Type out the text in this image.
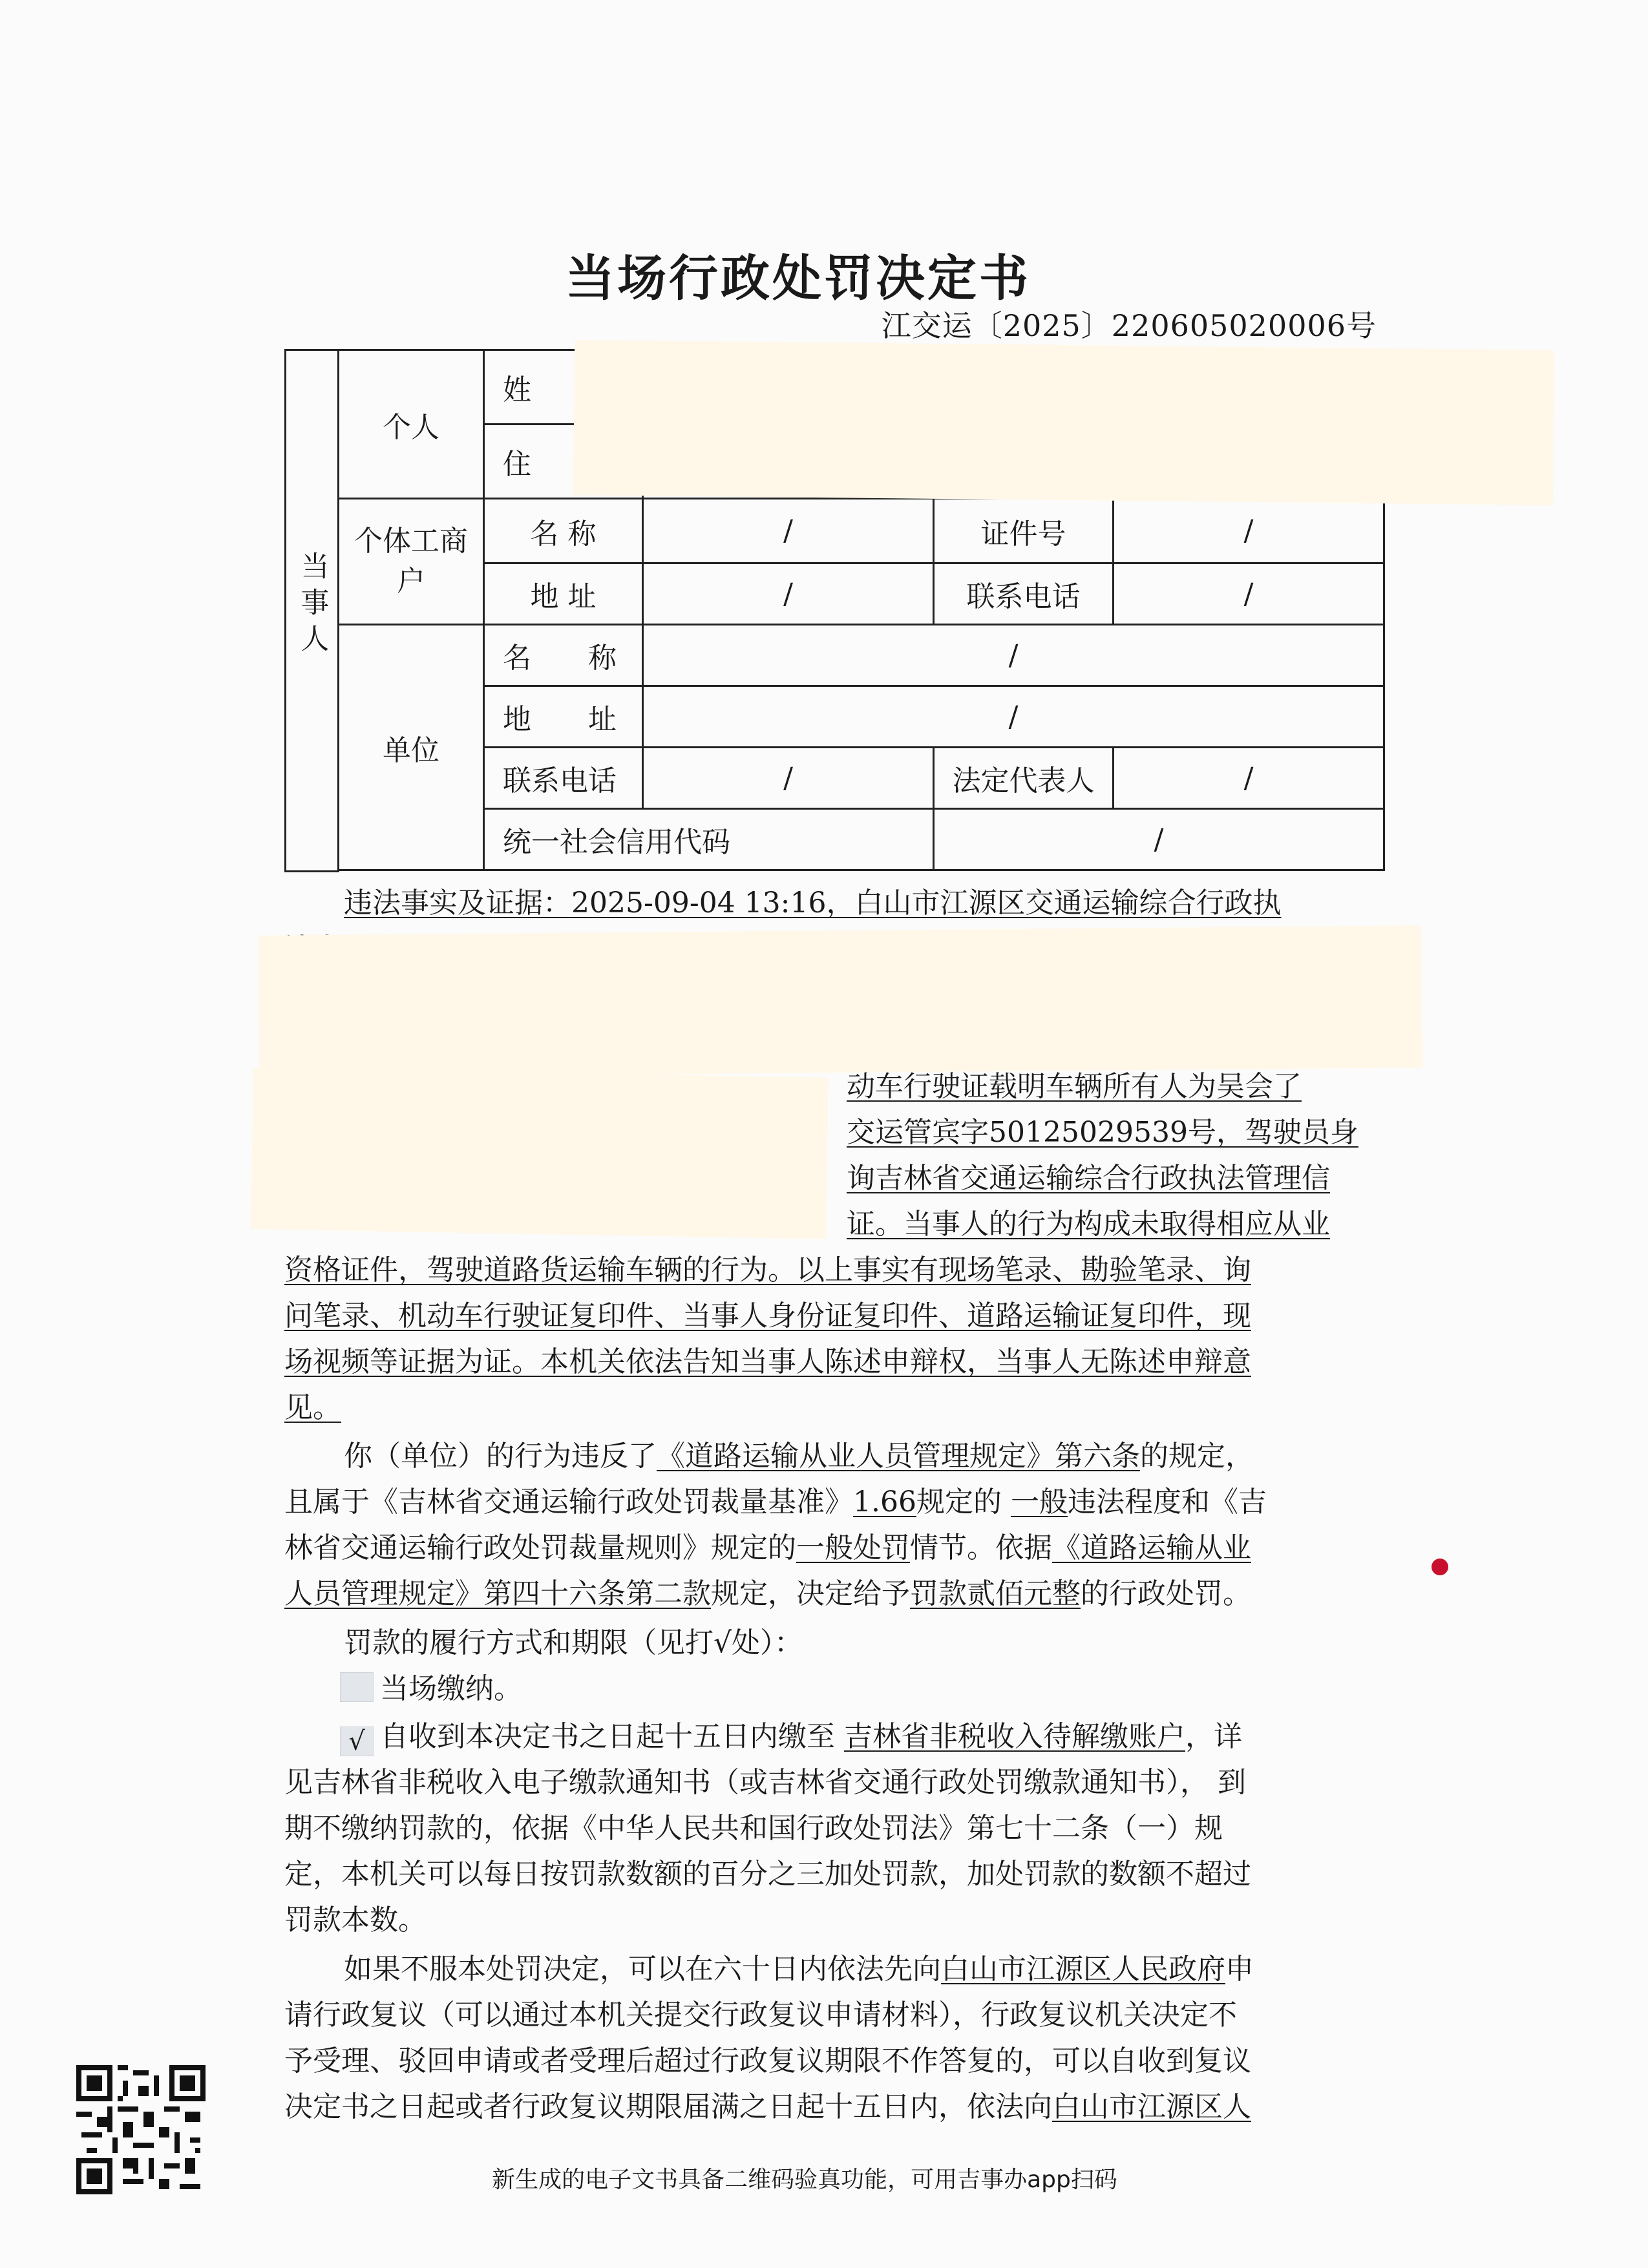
当场行政处罚决定书
江交运〔2025〕220605020006号
当事人	个人	姓			
		住			
	个体工商户	名 称	/	证件号	/
		地 址	/	联系电话	/
	单位	名　　称	/		
		地　　址	/		
		联系电话	/	法定代表人	/
		统一社会信用代码		/	

违法事实及证据：2025-09-04 13:16，白山市江源区交通运输综合行政执
动车行驶证载明车辆所有人为吴会了
交运管宾字50125029539号，驾驶员身
询吉林省交通运输综合行政执法管理信
证。当事人的行为构成未取得相应从业
资格证件，驾驶道路货运输车辆的行为。以上事实有现场笔录、勘验笔录、询
问笔录、机动车行驶证复印件、当事人身份证复印件、道路运输证复印件，现
场视频等证据为证。本机关依法告知当事人陈述申辩权，当事人无陈述申辩意
见。
你（单位）的行为违反了《道路运输从业人员管理规定》第六条的规定，
且属于《吉林省交通运输行政处罚裁量基准》1.66规定的 一般违法程度和《吉
林省交通运输行政处罚裁量规则》规定的一般处罚情节。依据《道路运输从业
人员管理规定》第四十六条第二款规定，决定给予罚款贰佰元整的行政处罚。
罚款的履行方式和期限（见打√处）：
当场缴纳。
√ 自收到本决定书之日起十五日内缴至 吉林省非税收入待解缴账户，详
见吉林省非税收入电子缴款通知书（或吉林省交通行政处罚缴款通知书）， 到
期不缴纳罚款的，依据《中华人民共和国行政处罚法》第七十二条（一）规
定，本机关可以每日按罚款数额的百分之三加处罚款，加处罚款的数额不超过
罚款本数。
如果不服本处罚决定，可以在六十日内依法先向白山市江源区人民政府申
请行政复议（可以通过本机关提交行政复议申请材料），行政复议机关决定不
予受理、驳回申请或者受理后超过行政复议期限不作答复的，可以自收到复议
决定书之日起或者行政复议期限届满之日起十五日内，依法向白山市江源区人
新生成的电子文书具备二维码验真功能，可用吉事办app扫码
